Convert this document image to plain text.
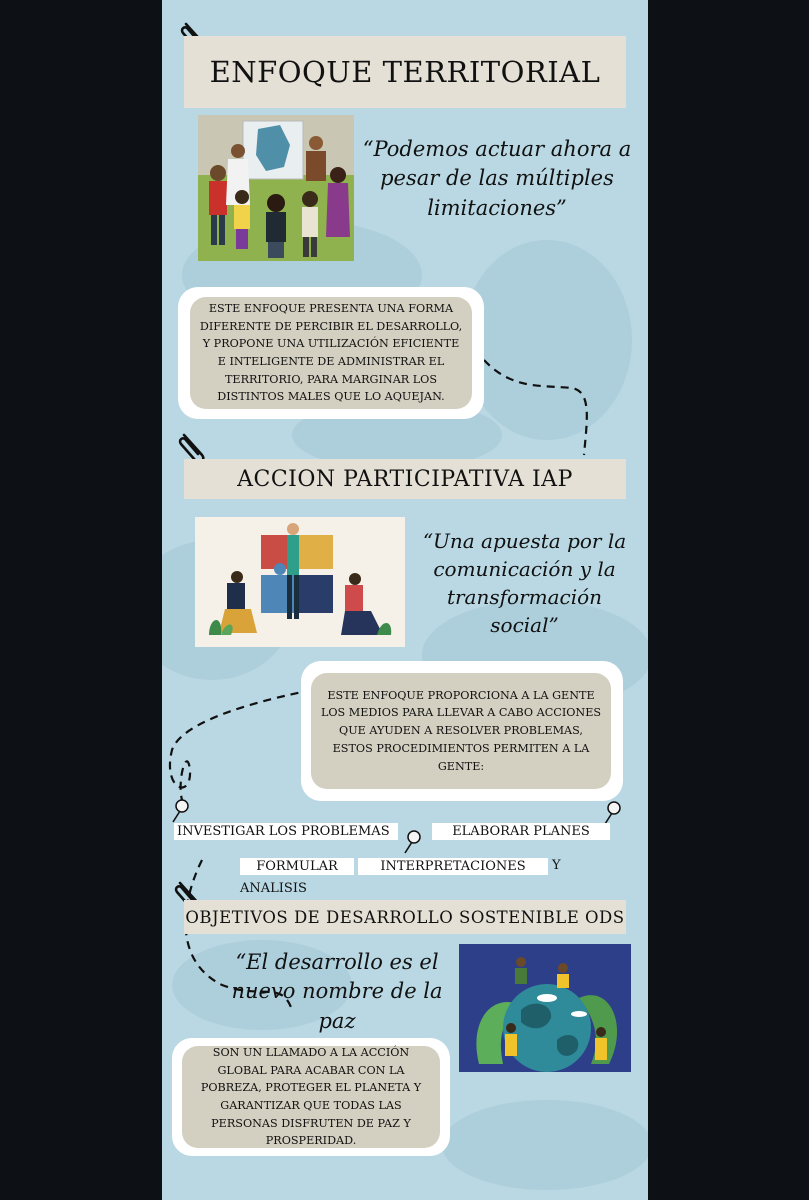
ENFOQUE TERRITORIAL
“Podemos actuar ahora a pesar de las múltiples limitaciones”
ESTE ENFOQUE PRESENTA UNA FORMA DIFERENTE DE PERCIBIR EL DESARROLLO, Y PROPONE UNA UTILIZACIÓN EFICIENTE E INTELIGENTE DE ADMINISTRAR EL TERRITORIO, PARA MARGINAR LOS DISTINTOS MALES QUE LO AQUEJAN.
ACCION PARTICIPATIVA IAP
“Una apuesta por la comunicación y la transformación social”
ESTE ENFOQUE PROPORCIONA A LA GENTE LOS MEDIOS PARA LLEVAR A CABO ACCIONES QUE AYUDEN A RESOLVER PROBLEMAS, ESTOS PROCEDIMIENTOS PERMITEN A LA GENTE:
INVESTIGAR LOS PROBLEMAS	ELABORAR PLANES
FORMULAR	INTERPRETACIONES	Y
ANALISIS
OBJETIVOS DE DESARROLLO SOSTENIBLE ODS
“El desarrollo es el nuevo nombre de la paz
SON UN LLAMADO A LA ACCIÓN GLOBAL PARA ACABAR CON LA POBREZA, PROTEGER EL PLANETA Y GARANTIZAR QUE TODAS LAS PERSONAS DISFRUTEN DE PAZ Y PROSPERIDAD.
